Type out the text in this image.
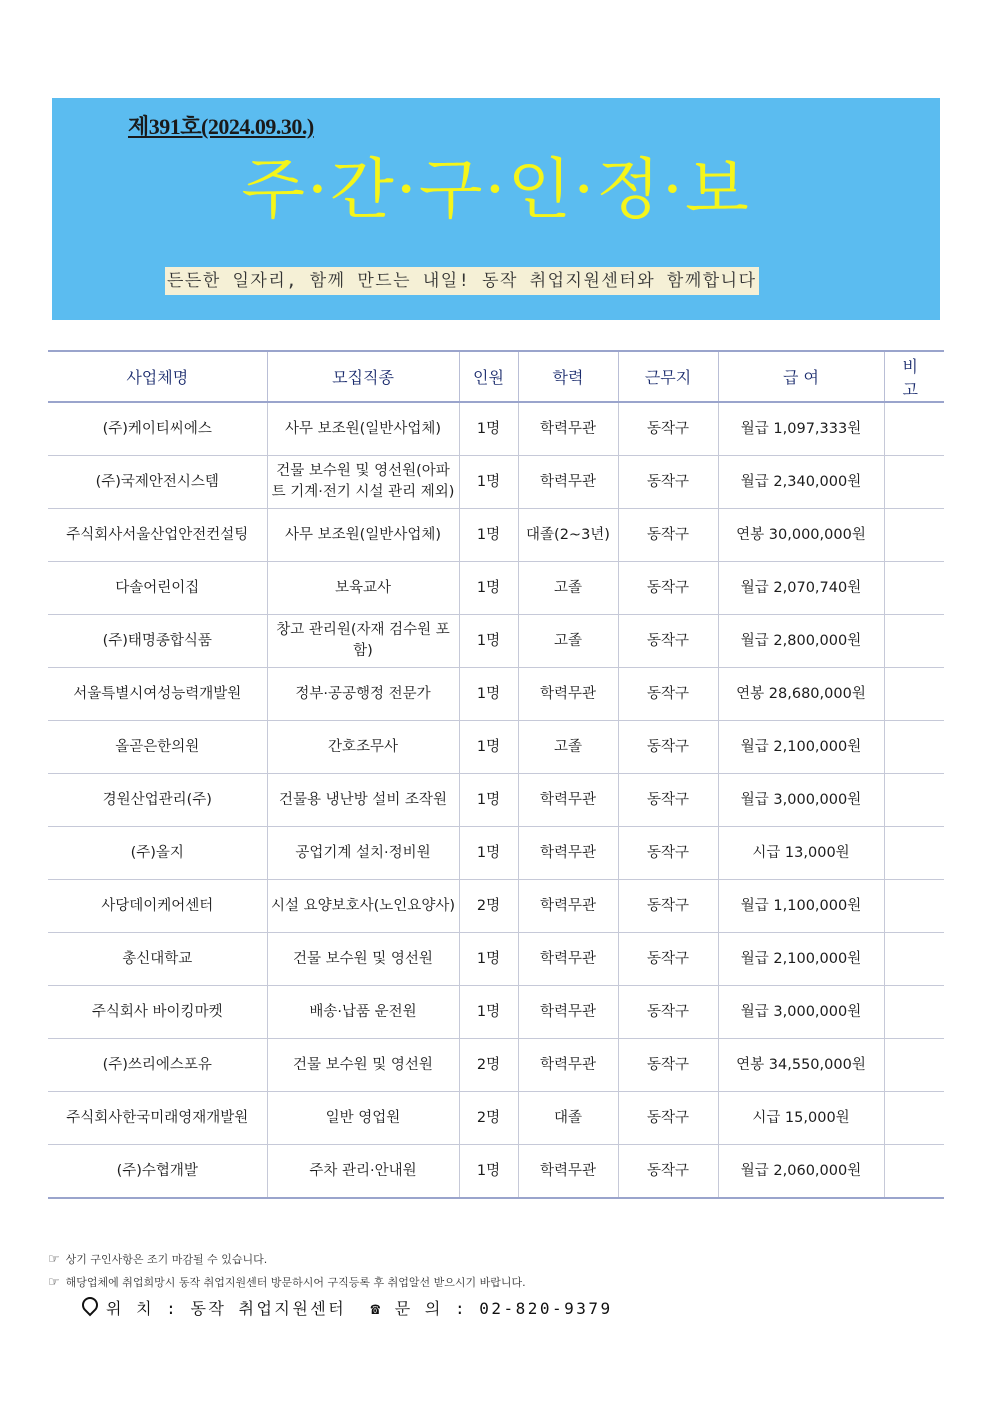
제391호(2024.09.30.)
주·간·구·인·정·보
든든한 일자리, 함께 만드는 내일! 동작 취업지원센터와 함께합니다
사업체명	모집직종	인원	학력	근무지	급 여	비 고
(주)케이티씨에스	사무 보조원(일반사업체)	1명	학력무관	동작구	월급 1,097,333원	
(주)국제안전시스템	건물 보수원 및 영선원(아파트 기계·전기 시설 관리 제외)	1명	학력무관	동작구	월급 2,340,000원	
주식회사서울산업안전컨설팅	사무 보조원(일반사업체)	1명	대졸(2~3년)	동작구	연봉 30,000,000원	
다솔어린이집	보육교사	1명	고졸	동작구	월급 2,070,740원	
(주)태명종합식품	창고 관리원(자재 검수원 포함)	1명	고졸	동작구	월급 2,800,000원	
서울특별시여성능력개발원	정부·공공행정 전문가	1명	학력무관	동작구	연봉 28,680,000원	
올곧은한의원	간호조무사	1명	고졸	동작구	월급 2,100,000원	
경원산업관리(주)	건물용 냉난방 설비 조작원	1명	학력무관	동작구	월급 3,000,000원	
(주)올지	공업기계 설치·정비원	1명	학력무관	동작구	시급 13,000원	
사당데이케어센터	시설 요양보호사(노인요양사)	2명	학력무관	동작구	월급 1,100,000원	
총신대학교	건물 보수원 및 영선원	1명	학력무관	동작구	월급 2,100,000원	
주식회사 바이킹마켓	배송·납품 운전원	1명	학력무관	동작구	월급 3,000,000원	
(주)쓰리에스포유	건물 보수원 및 영선원	2명	학력무관	동작구	연봉 34,550,000원	
주식회사한국미래영재개발원	일반 영업원	2명	대졸	동작구	시급 15,000원	
(주)수협개발	주차 관리·안내원	1명	학력무관	동작구	월급 2,060,000원	
☞ 상기 구인사항은 조기 마감될 수 있습니다.
☞ 해당업체에 취업희망시 동작 취업지원센터 방문하시어 구직등록 후 취업알선 받으시기 바랍니다.
위 치 : 동작 취업지원센터 ☎ 문 의 : 02-820-9379
